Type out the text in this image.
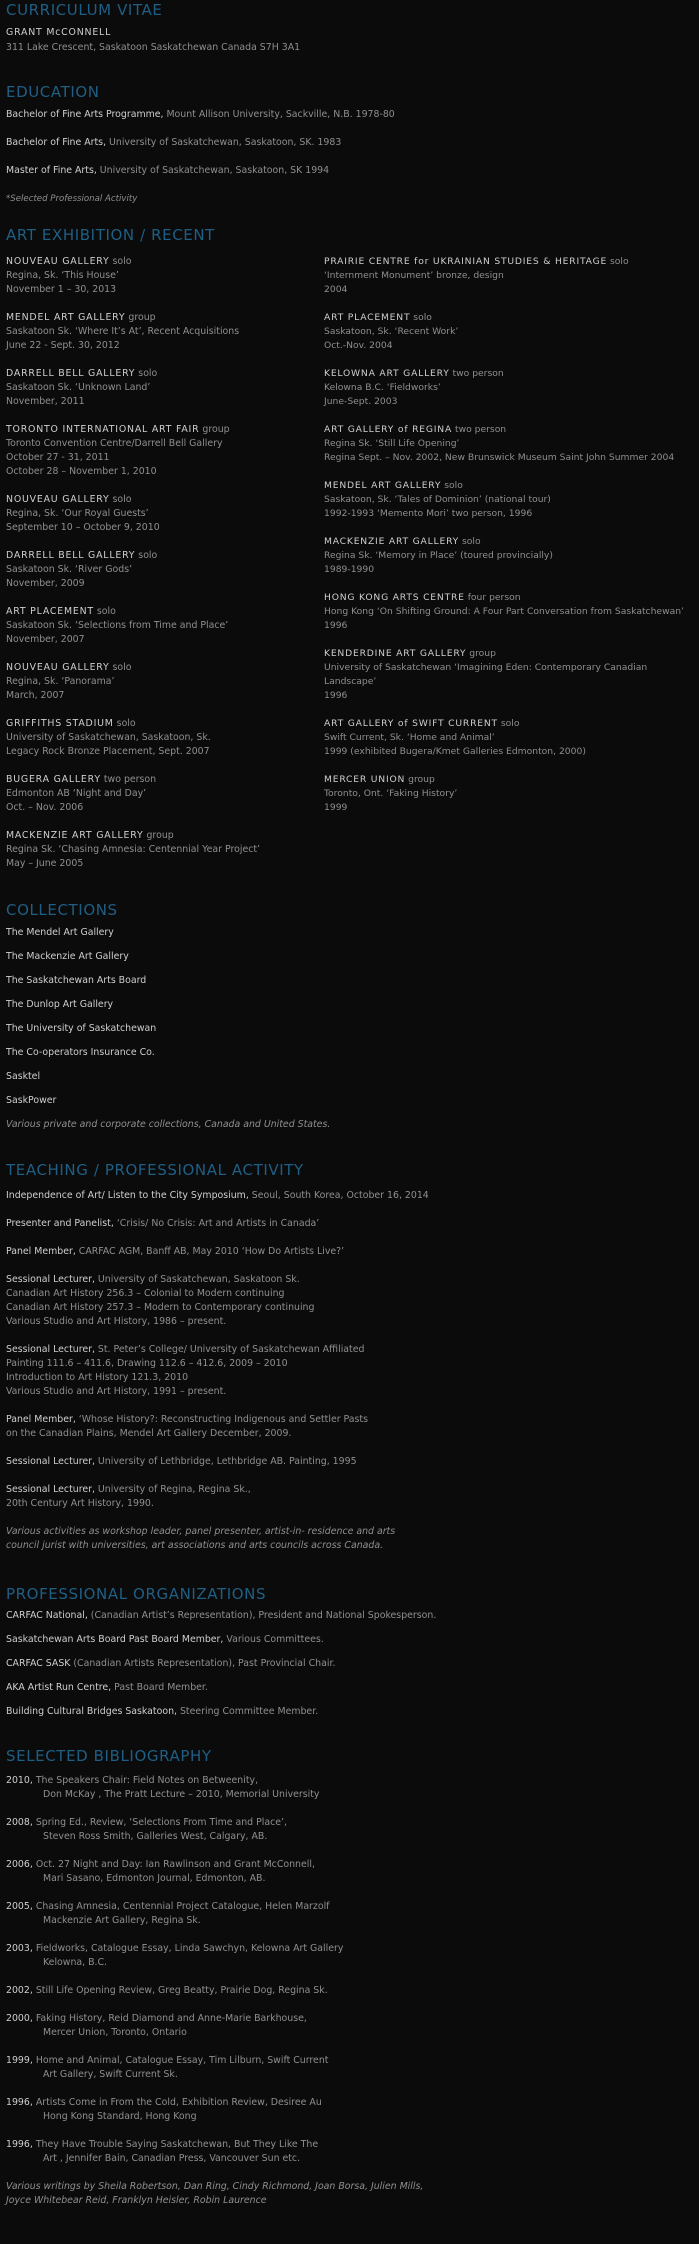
CURRICULUM VITAE
GRANT McCONNELL
311 Lake Crescent, Saskatoon Saskatchewan Canada S7H 3A1
EDUCATION
Bachelor of Fine Arts Programme, Mount Allison University, Sackville, N.B. 1978-80
Bachelor of Fine Arts, University of Saskatchewan, Saskatoon, SK. 1983
Master of Fine Arts, University of Saskatchewan, Saskatoon, SK 1994
*Selected Professional Activity
ART EXHIBITION / RECENT
NOUVEAU GALLERY solo
Regina, Sk. ‘This House’
November 1 – 30, 2013
MENDEL ART GALLERY group
Saskatoon Sk. ‘Where It’s At’, Recent Acquisitions
June 22 - Sept. 30, 2012
DARRELL BELL GALLERY solo
Saskatoon Sk. ‘Unknown Land’
November, 2011
TORONTO INTERNATIONAL ART FAIR group
Toronto Convention Centre/Darrell Bell Gallery
October 27 - 31, 2011
October 28 – November 1, 2010
NOUVEAU GALLERY solo
Regina, Sk. ‘Our Royal Guests’
September 10 – October 9, 2010
DARRELL BELL GALLERY solo
Saskatoon Sk. ‘River Gods’
November, 2009
ART PLACEMENT solo
Saskatoon Sk. ‘Selections from Time and Place’
November, 2007
NOUVEAU GALLERY solo
Regina, Sk. ‘Panorama’
March, 2007
GRIFFITHS STADIUM solo
University of Saskatchewan, Saskatoon, Sk.
Legacy Rock Bronze Placement, Sept. 2007
BUGERA GALLERY two person
Edmonton AB ‘Night and Day’
Oct. – Nov. 2006
MACKENZIE ART GALLERY group
Regina Sk. ‘Chasing Amnesia: Centennial Year Project’
May – June 2005
PRAIRIE CENTRE for UKRAINIAN STUDIES & HERITAGE solo
‘Internment Monument’ bronze, design
2004
ART PLACEMENT solo
Saskatoon, Sk. ‘Recent Work’
Oct.-Nov. 2004
KELOWNA ART GALLERY two person
Kelowna B.C. ‘Fieldworks’
June-Sept. 2003
ART GALLERY of REGINA two person
Regina Sk. ‘Still Life Opening’
Regina Sept. – Nov. 2002, New Brunswick Museum Saint John Summer 2004
MENDEL ART GALLERY solo
Saskatoon, Sk. ‘Tales of Dominion’ (national tour)
1992-1993 ‘Memento Mori’ two person, 1996
MACKENZIE ART GALLERY solo
Regina Sk. ‘Memory in Place’ (toured provincially)
1989-1990
HONG KONG ARTS CENTRE four person
Hong Kong ‘On Shifting Ground: A Four Part Conversation from Saskatchewan’
1996
KENDERDINE ART GALLERY group
University of Saskatchewan ‘Imagining Eden: Contemporary Canadian Landscape’
1996
ART GALLERY of SWIFT CURRENT solo
Swift Current, Sk. ‘Home and Animal’
1999 (exhibited Bugera/Kmet Galleries Edmonton, 2000)
MERCER UNION group
Toronto, Ont. ‘Faking History’
1999
COLLECTIONS
The Mendel Art Gallery
The Mackenzie Art Gallery
The Saskatchewan Arts Board
The Dunlop Art Gallery
The University of Saskatchewan
The Co-operators Insurance Co.
Sasktel
SaskPower
Various private and corporate collections, Canada and United States.
TEACHING / PROFESSIONAL ACTIVITY
Independence of Art/ Listen to the City Symposium, Seoul, South Korea, October 16, 2014
Presenter and Panelist, ‘Crisis/ No Crisis: Art and Artists in Canada’
Panel Member, CARFAC AGM, Banff AB, May 2010 ‘How Do Artists Live?’
Sessional Lecturer, University of Saskatchewan, Saskatoon Sk.
Canadian Art History 256.3 – Colonial to Modern continuing
Canadian Art History 257.3 – Modern to Contemporary continuing
Various Studio and Art History, 1986 – present.
Sessional Lecturer, St. Peter’s College/ University of Saskatchewan Affiliated
Painting 111.6 – 411.6, Drawing 112.6 – 412.6, 2009 – 2010
Introduction to Art History 121.3, 2010
Various Studio and Art History, 1991 – present.
Panel Member, ‘Whose History?: Reconstructing Indigenous and Settler Pasts
on the Canadian Plains, Mendel Art Gallery December, 2009.
Sessional Lecturer, University of Lethbridge, Lethbridge AB. Painting, 1995
Sessional Lecturer, University of Regina, Regina Sk.,
20th Century Art History, 1990.
Various activities as workshop leader, panel presenter, artist-in- residence and arts
council jurist with universities, art associations and arts councils across Canada.
PROFESSIONAL ORGANIZATIONS
CARFAC National, (Canadian Artist’s Representation), President and National Spokesperson.
Saskatchewan Arts Board Past Board Member, Various Committees.
CARFAC SASK (Canadian Artists Representation), Past Provincial Chair.
AKA Artist Run Centre, Past Board Member.
Building Cultural Bridges Saskatoon, Steering Committee Member.
SELECTED BIBLIOGRAPHY
2010, The Speakers Chair: Field Notes on Betweenity,
Don McKay , The Pratt Lecture – 2010, Memorial University
2008, Spring Ed., Review, ‘Selections From Time and Place’,
Steven Ross Smith, Galleries West, Calgary, AB.
2006, Oct. 27 Night and Day: Ian Rawlinson and Grant McConnell,
Mari Sasano, Edmonton Journal, Edmonton, AB.
2005, Chasing Amnesia, Centennial Project Catalogue, Helen Marzolf
Mackenzie Art Gallery, Regina Sk.
2003, Fieldworks, Catalogue Essay, Linda Sawchyn, Kelowna Art Gallery
Kelowna, B.C.
2002, Still Life Opening Review, Greg Beatty, Prairie Dog, Regina Sk.
2000, Faking History, Reid Diamond and Anne-Marie Barkhouse,
Mercer Union, Toronto, Ontario
1999, Home and Animal, Catalogue Essay, Tim Lilburn, Swift Current
Art Gallery, Swift Current Sk.
1996, Artists Come in From the Cold, Exhibition Review, Desiree Au
Hong Kong Standard, Hong Kong
1996, They Have Trouble Saying Saskatchewan, But They Like The
Art , Jennifer Bain, Canadian Press, Vancouver Sun etc.
Various writings by Sheila Robertson, Dan Ring, Cindy Richmond, Joan Borsa, Julien Mills,
Joyce Whitebear Reid, Franklyn Heisler, Robin Laurence
